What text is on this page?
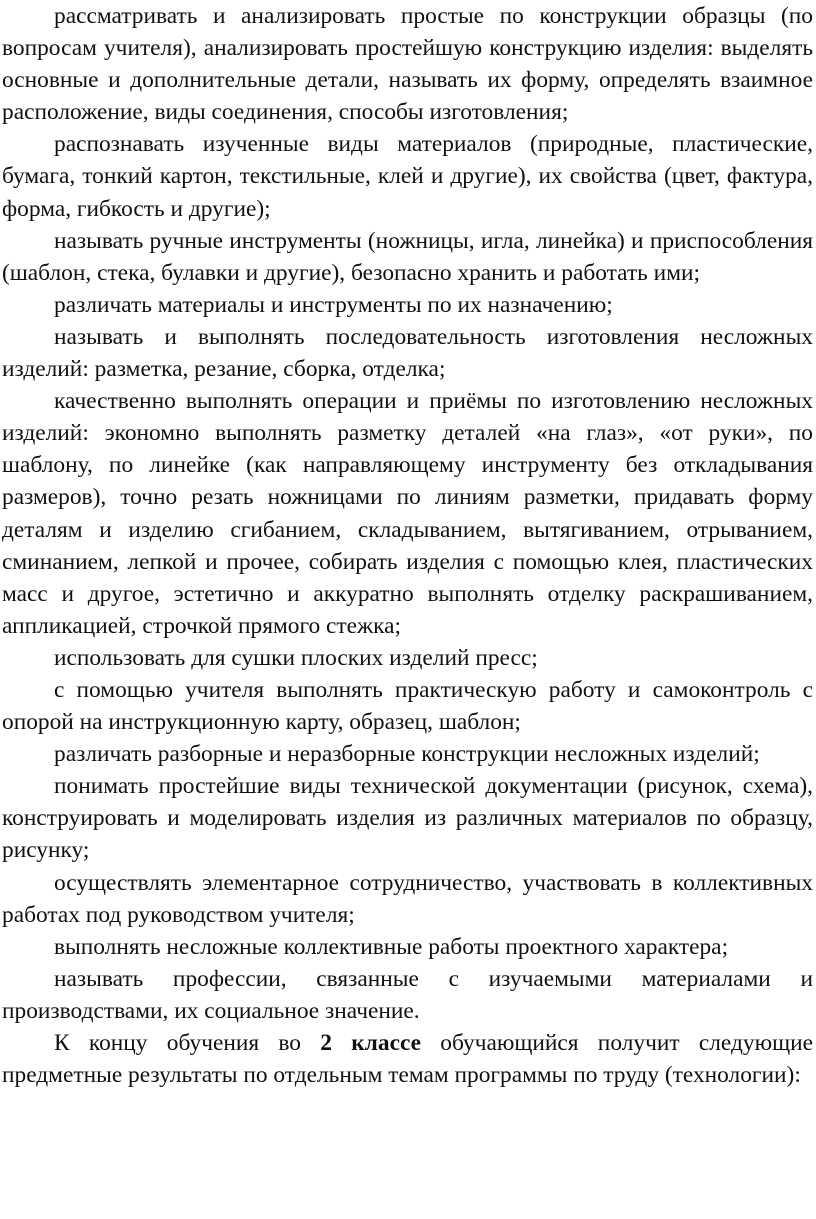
рассматривать и анализировать простые по конструкции образцы (по вопросам учителя), анализировать простейшую конструкцию изделия: выделять основные и дополнительные детали, называть их форму, определять взаимное расположение, виды соединения, способы изготовления;

распознавать изученные виды материалов (природные, пластические, бумага, тонкий картон, текстильные, клей и другие), их свойства (цвет, фактура, форма, гибкость и другие);

называть ручные инструменты (ножницы, игла, линейка) и приспособления (шаблон, стека, булавки и другие), безопасно хранить и работать ими;

различать материалы и инструменты по их назначению;

называть и выполнять последовательность изготовления несложных изделий: разметка, резание, сборка, отделка;

качественно выполнять операции и приёмы по изготовлению несложных изделий: экономно выполнять разметку деталей «на глаз», «от руки», по шаблону, по линейке (как направляющему инструменту без откладывания размеров), точно резать ножницами по линиям разметки, придавать форму деталям и изделию сгибанием, складыванием, вытягиванием, отрыванием, сминанием, лепкой и прочее, собирать изделия с помощью клея, пластических масс и другое, эстетично и аккуратно выполнять отделку раскрашиванием, аппликацией, строчкой прямого стежка;

использовать для сушки плоских изделий пресс;

с помощью учителя выполнять практическую работу и самоконтроль с опорой на инструкционную карту, образец, шаблон;

различать разборные и неразборные конструкции несложных изделий;

понимать простейшие виды технической документации (рисунок, схема), конструировать и моделировать изделия из различных материалов по образцу, рисунку;

осуществлять элементарное сотрудничество, участвовать в коллективных работах под руководством учителя;

выполнять несложные коллективные работы проектного характера;

называть профессии, связанные с изучаемыми материалами и производствами, их социальное значение.

К концу обучения во 2 классе обучающийся получит следующие предметные результаты по отдельным темам программы по труду (технологии):
